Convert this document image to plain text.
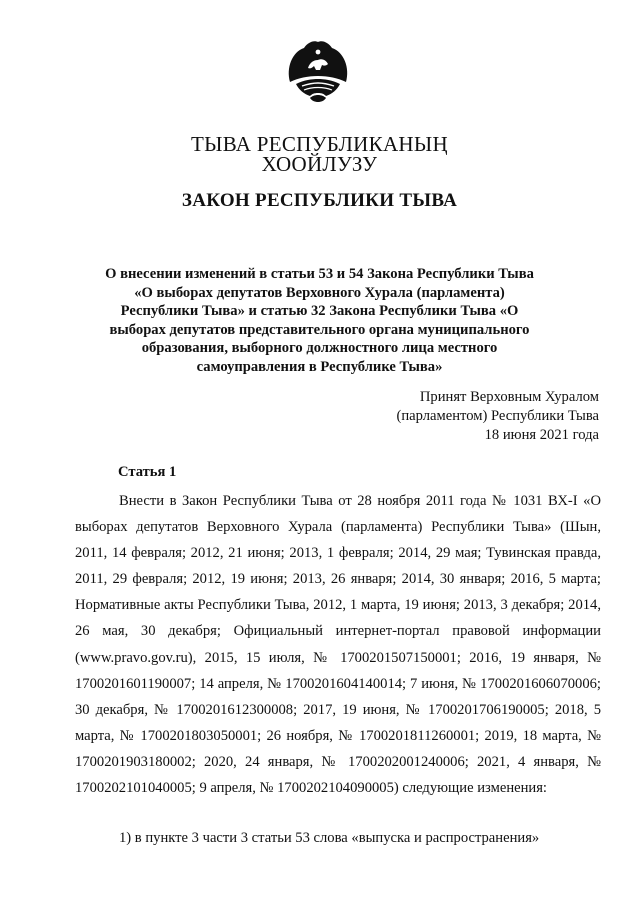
ТЫВА РЕСПУБЛИКАНЫҢ
ХООЙЛУЗУ
ЗАКОН РЕСПУБЛИКИ ТЫВА
О внесении изменений в статьи 53 и 54 Закона Республики Тыва «О выборах депутатов Верховного Хурала (парламента) Республики Тыва» и статью 32 Закона Республики Тыва «О выборах депутатов представительного органа муниципального образования, выборного должностного лица местного самоуправления в Республике Тыва»
Принят Верховным Хуралом
(парламентом) Республики Тыва
18 июня 2021 года
Статья 1

Внести в Закон Республики Тыва от 28 ноября 2011 года № 1031 ВХ-I «О выборах депутатов Верховного Хурала (парламента) Республики Тыва» (Шын, 2011, 14 февраля; 2012, 21 июня; 2013, 1 февраля; 2014, 29 мая; Тувинская правда, 2011, 29 февраля; 2012, 19 июня; 2013, 26 января; 2014, 30 января; 2016, 5 марта; Нормативные акты Республики Тыва, 2012, 1 марта, 19 июня; 2013, 3 декабря; 2014, 26 мая, 30 декабря; Официальный интернет-портал правовой информации (www.pravo.gov.ru), 2015, 15 июля, № 1700201507150001; 2016, 19 января, № 1700201601190007; 14 апреля, № 1700201604140014; 7 июня, № 1700201606070006; 30 декабря, № 1700201612300008; 2017, 19 июня, № 1700201706190005; 2018, 5 марта, № 1700201803050001; 26 ноября, № 1700201811260001; 2019, 18 марта, № 1700201903180002; 2020, 24 января, № 1700202001240006; 2021, 4 января, № 1700202101040005; 9 апреля, № 1700202104090005) следующие изменения:

1) в пункте 3 части 3 статьи 53 слова «выпуска и распространения»
